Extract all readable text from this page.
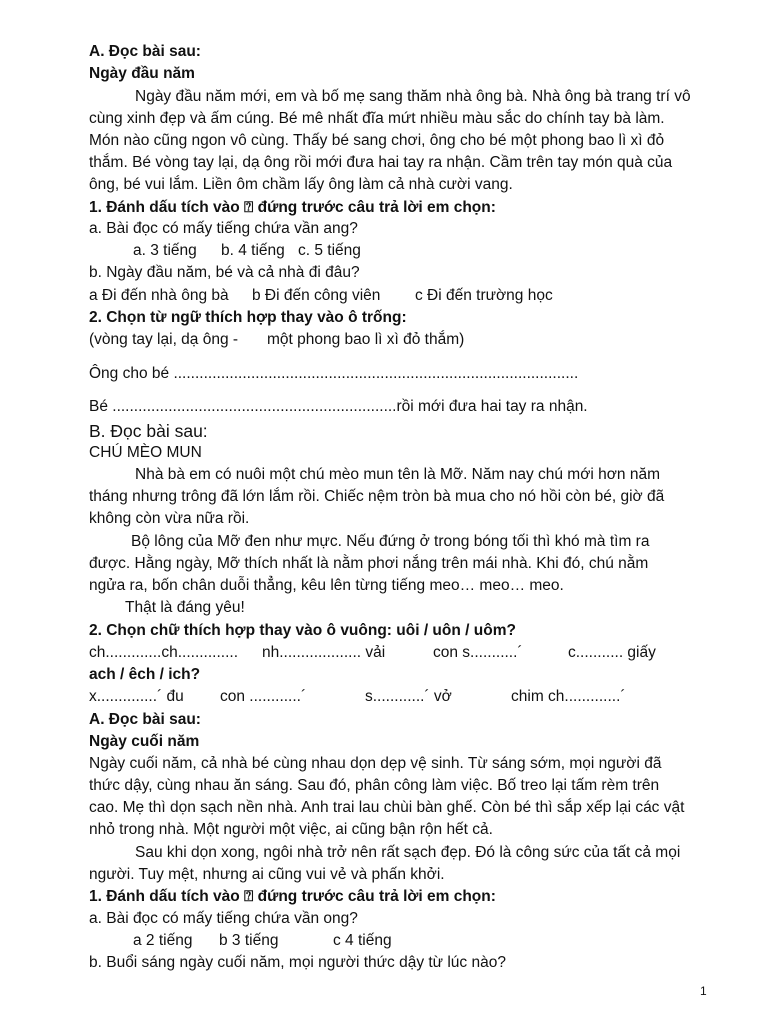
A. Đọc bài sau:
Ngày đầu năm
Ngày đầu năm mới, em và bố mẹ sang thăm nhà ông bà. Nhà ông bà trang trí vô
cùng xinh đẹp và ấm cúng. Bé mê nhất đĩa mứt nhiều màu sắc do chính tay bà làm.
Món nào cũng ngon vô cùng. Thấy bé sang chơi, ông cho bé một phong bao lì xì đỏ
thắm. Bé vòng tay lại, dạ ông rồi mới đưa hai tay ra nhận. Cầm trên tay món quà của
ông, bé vui lắm. Liền ôm chầm lấy ông làm cả nhà cười vang.
1. Đánh dấu tích vào ⍰ đứng trước câu trả lời em chọn:
a. Bài đọc có mấy tiếng chứa vần ang?
a. 3 tiếng b. 4 tiếng c. 5 tiếng
b. Ngày đầu năm, bé và cả nhà đi đâu?
a Đi đến nhà ông bà b Đi đến công viên c Đi đến trường học
2. Chọn từ ngữ thích hợp thay vào ô trống:
(vòng tay lại, dạ ông - một phong bao lì xì đỏ thắm)
Ông cho bé ..............................................................................................
Bé ..................................................................rồi mới đưa hai tay ra nhận.
B. Đọc bài sau:
CHÚ MÈO MUN
Nhà bà em có nuôi một chú mèo mun tên là Mỡ. Năm nay chú mới hơn năm
tháng nhưng trông đã lớn lắm rồi. Chiếc nệm tròn bà mua cho nó hồi còn bé, giờ đã
không còn vừa nữa rồi.
Bộ lông của Mỡ đen như mực. Nếu đứng ở trong bóng tối thì khó mà tìm ra
được. Hằng ngày, Mỡ thích nhất là nằm phơi nắng trên mái nhà. Khi đó, chú nằm
ngửa ra, bốn chân duỗi thẳng, kêu lên từng tiếng meo… meo… meo.
Thật là đáng yêu!
2. Chọn chữ thích hợp thay vào ô vuông: uôi / uôn / uôm?
ch.............ch.............. nh................... vải	con s...........´	c........... giấy
ach / êch / ich?
x..............´ đu con ............´	s............´ vở	chim ch.............´
A. Đọc bài sau:
Ngày cuối năm
Ngày cuối năm, cả nhà bé cùng nhau dọn dẹp vệ sinh. Từ sáng sớm, mọi người đã
thức dậy, cùng nhau ăn sáng. Sau đó, phân công làm việc. Bố treo lại tấm rèm trên
cao. Mẹ thì dọn sạch nền nhà. Anh trai lau chùi bàn ghế. Còn bé thì sắp xếp lại các vật
nhỏ trong nhà. Một người một việc, ai cũng bận rộn hết cả.
Sau khi dọn xong, ngôi nhà trở nên rất sạch đẹp. Đó là công sức của tất cả mọi
người. Tuy mệt, nhưng ai cũng vui vẻ và phấn khởi.
1. Đánh dấu tích vào ⍰ đứng trước câu trả lời em chọn:
a. Bài đọc có mấy tiếng chứa vần ong?
a 2 tiếng b 3 tiếng	c 4 tiếng
b. Buổi sáng ngày cuối năm, mọi người thức dậy từ lúc nào?
1
